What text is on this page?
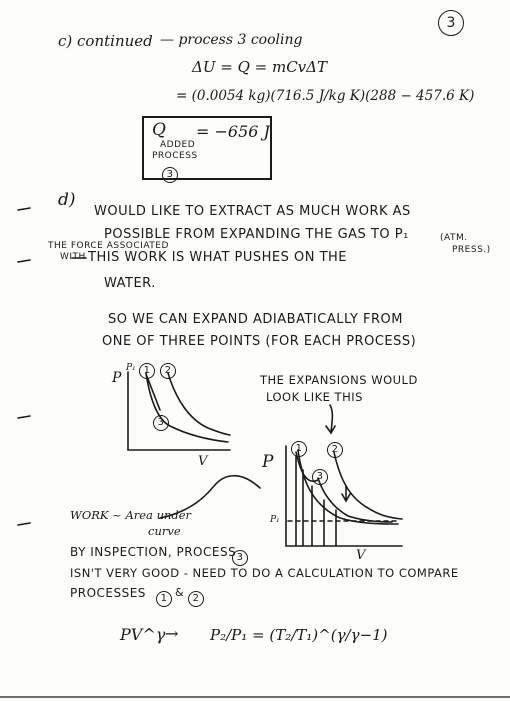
3
c) continued — process 3 cooling
ΔU = Q = mCvΔT
= (0.0054 kg)(716.5 J/kg K)(288 − 457.6 K)
Q = −656 J
ADDED
PROCESS
3
d)
WOULD LIKE TO EXTRACT AS MUCH WORK AS
POSSIBLE FROM EXPANDING THE GAS TO P₁	(ATM.
PRESS.)
THE FORCE ASSOCIATED
WITH THIS WORK IS WHAT PUSHES ON THE
WATER.
SO WE CAN EXPAND ADIABATICALLY FROM
ONE OF THREE POINTS (FOR EACH PROCESS)
P
P₁
V
1	2
3
THE EXPANSIONS WOULD
LOOK LIKE THIS
P
P₁
V
1	2
3
WORK ~ Area under
curve
BY INSPECTION, PROCESS 3
ISN'T VERY GOOD - NEED TO DO A CALCULATION TO COMPARE
PROCESSES	1 & 2
PV^γ → P₂/P₁ = (T₂/T₁)^(γ/γ−1)
